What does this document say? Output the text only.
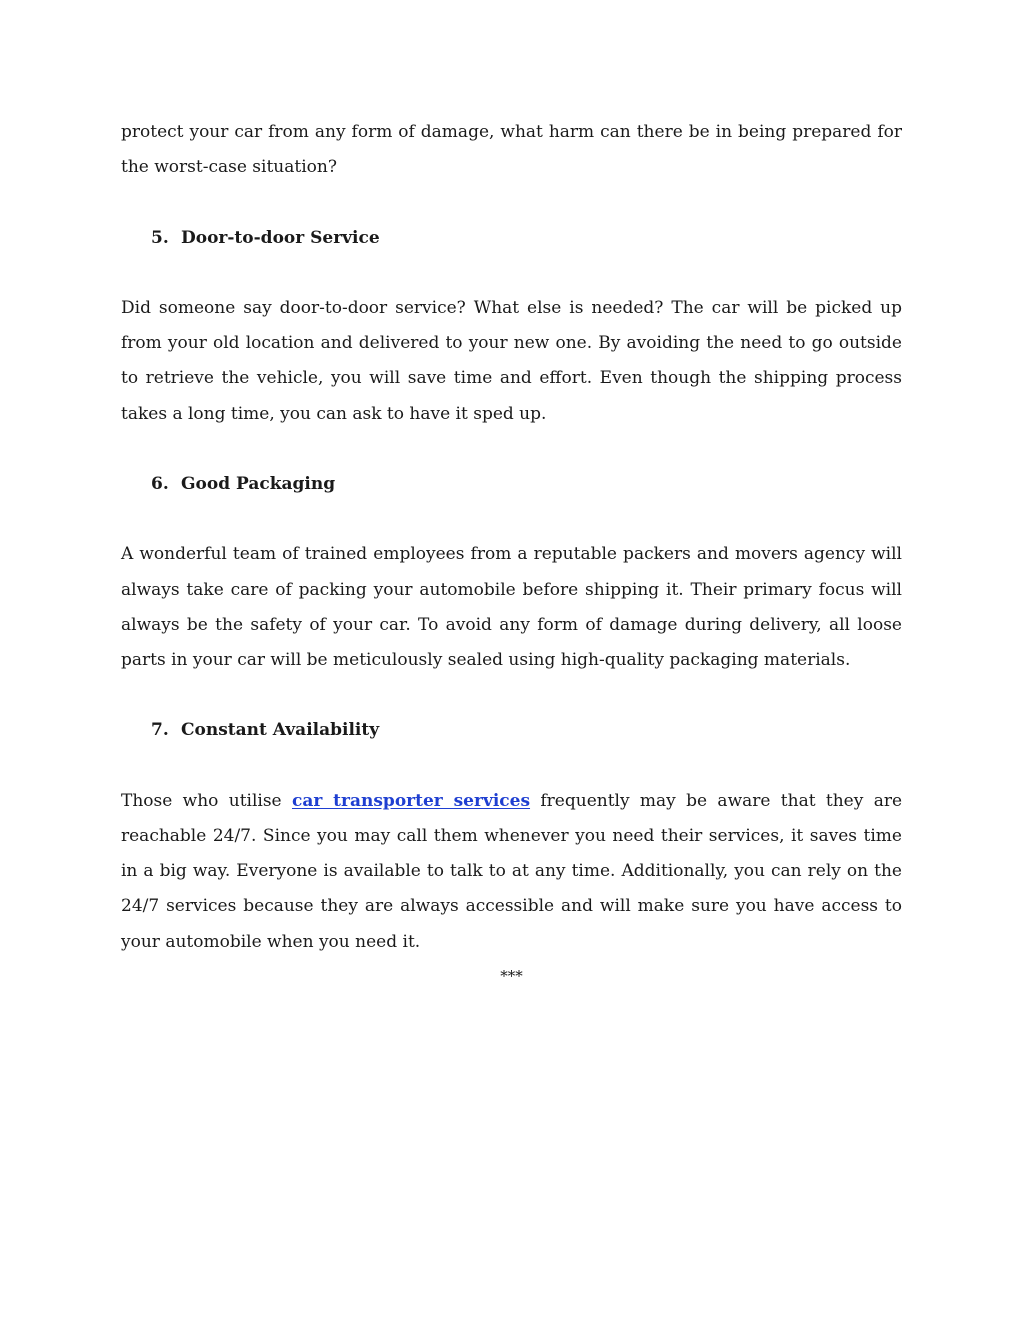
protect your car from any form of damage, what harm can there be in being prepared for the worst-case situation?

5. Door-to-door Service

Did someone say door-to-door service? What else is needed? The car will be picked up from your old location and delivered to your new one. By avoiding the need to go outside to retrieve the vehicle, you will save time and effort. Even though the shipping process takes a long time, you can ask to have it sped up.

6. Good Packaging

A wonderful team of trained employees from a reputable packers and movers agency will always take care of packing your automobile before shipping it. Their primary focus will always be the safety of your car. To avoid any form of damage during delivery, all loose parts in your car will be meticulously sealed using high-quality packaging materials.

7. Constant Availability

Those who utilise car transporter services frequently may be aware that they are reachable 24/7. Since you may call them whenever you need their services, it saves time in a big way. Everyone is available to talk to at any time. Additionally, you can rely on the 24/7 services because they are always accessible and will make sure you have access to your automobile when you need it.

***
